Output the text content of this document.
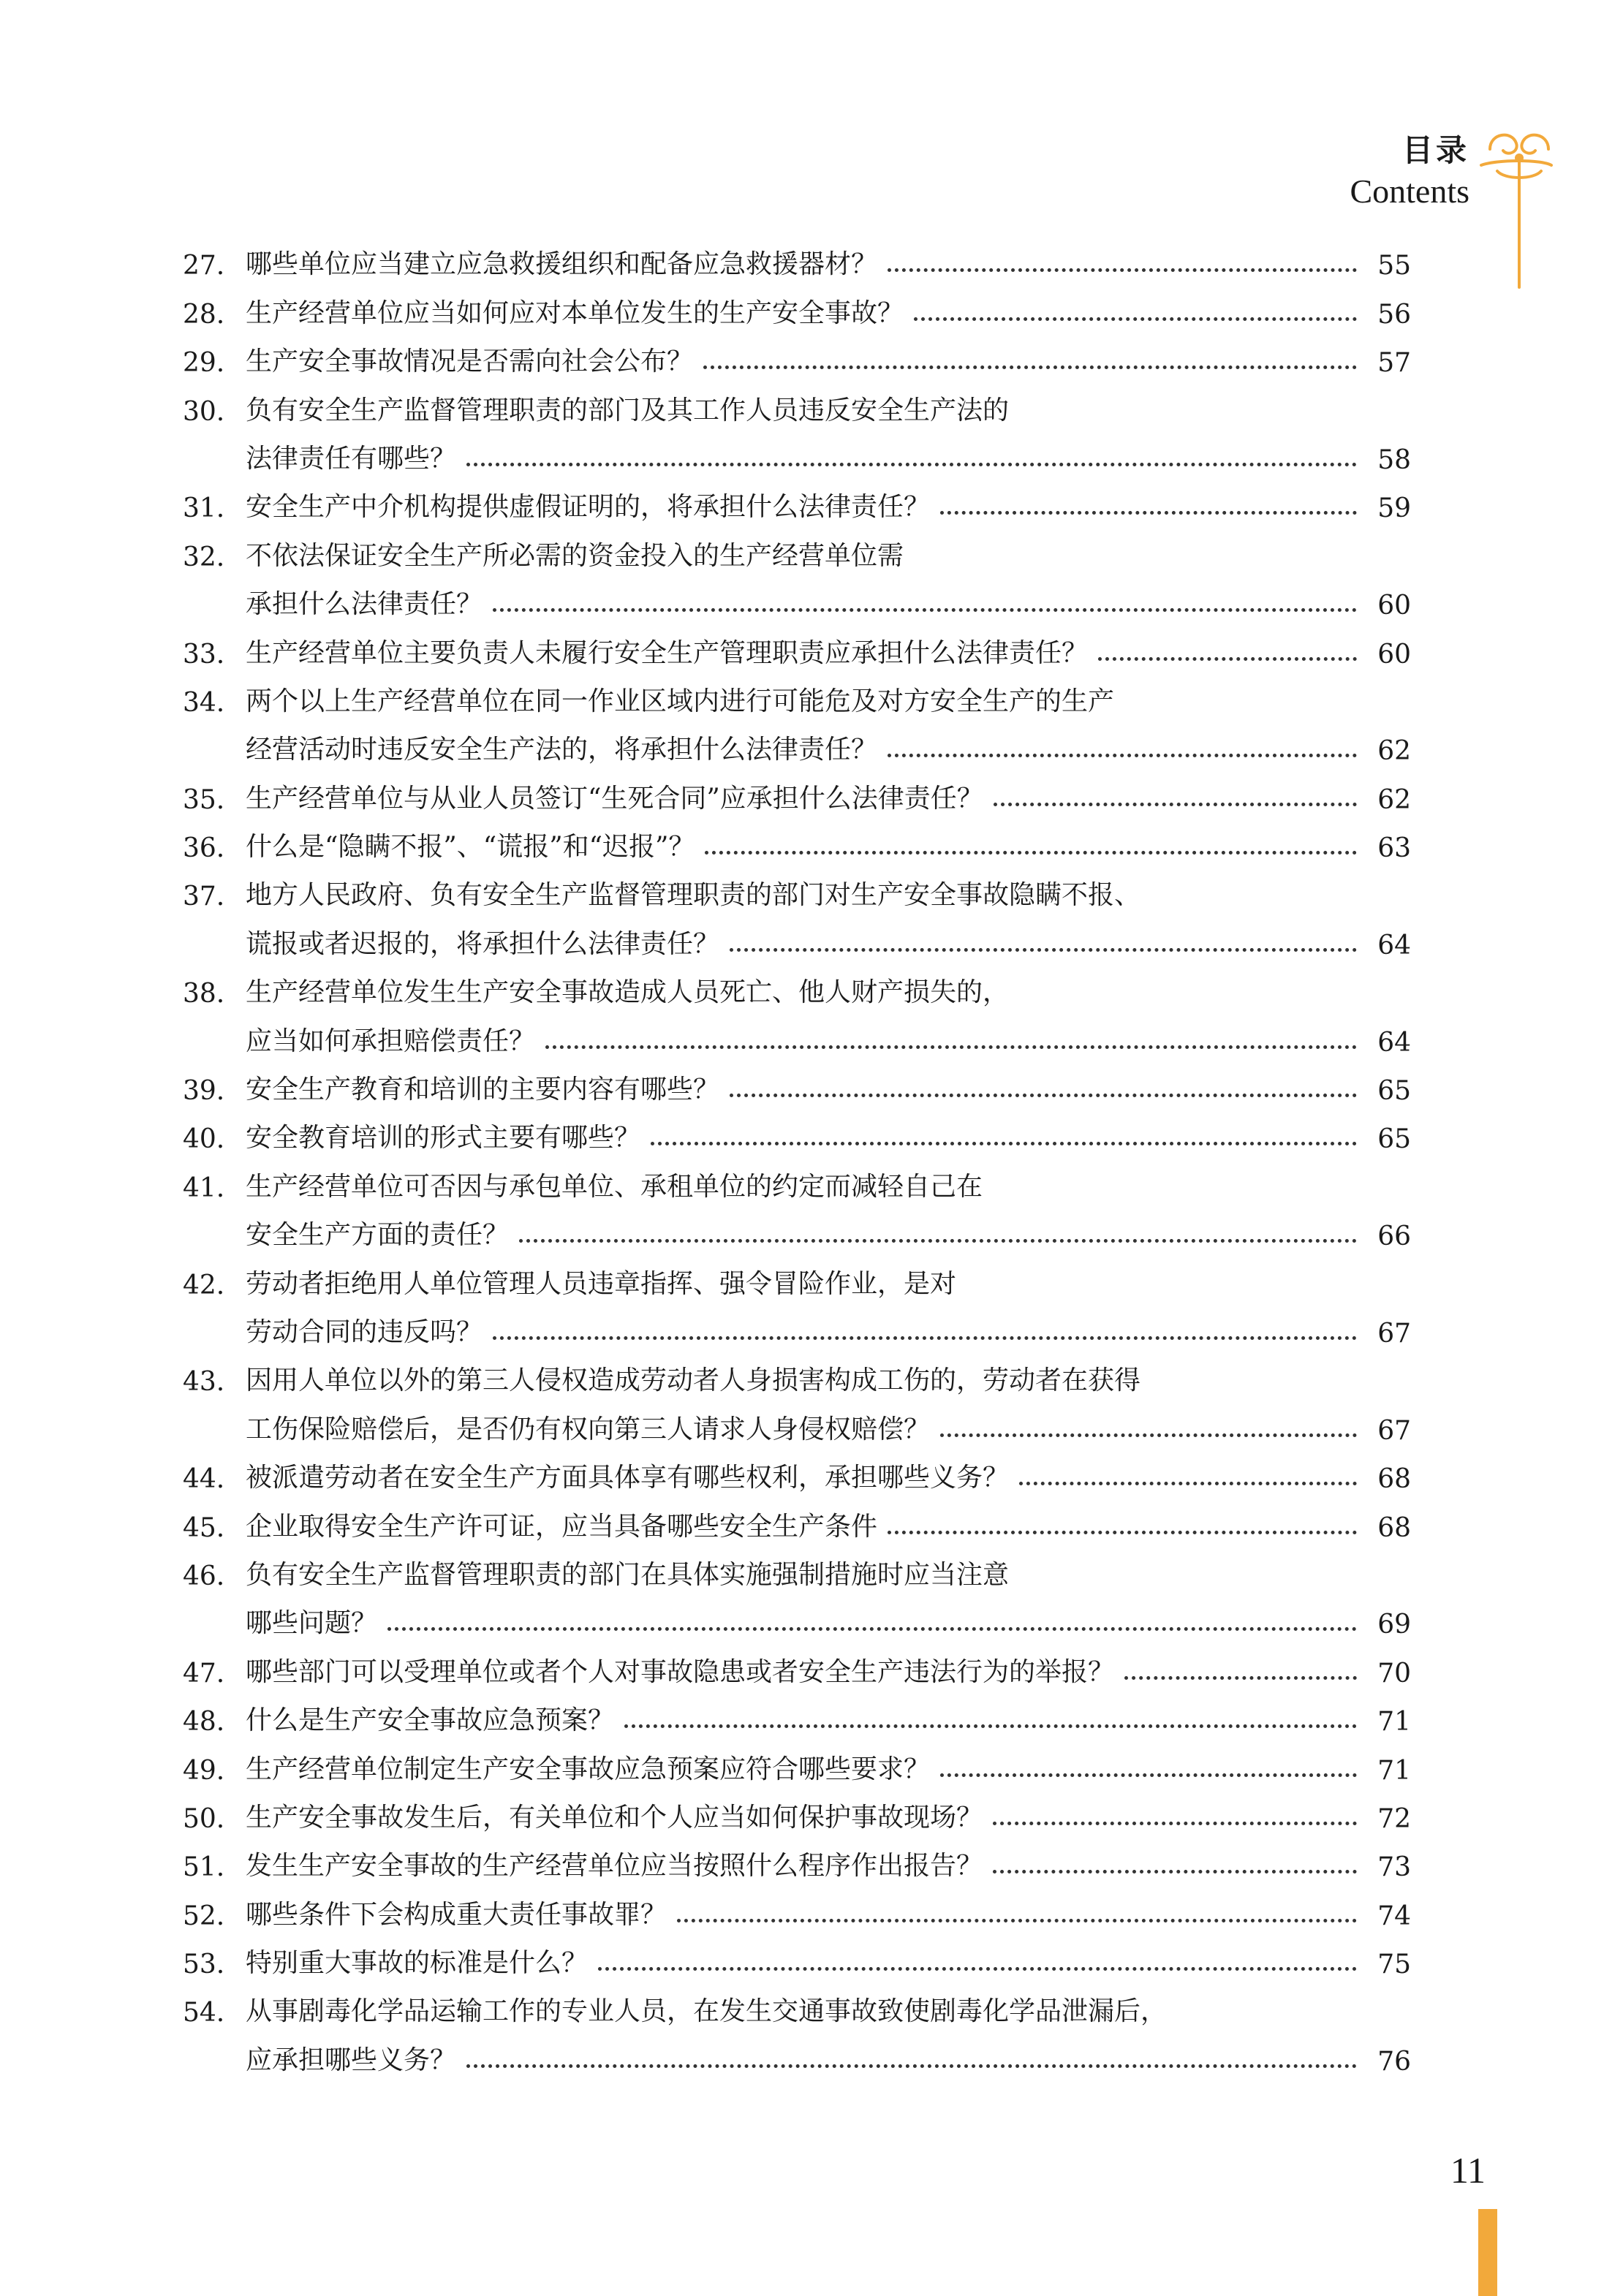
目录
Contents
27. 哪些单位应当建立应急救援组织和配备应急救援器材？	55
28. 生产经营单位应当如何应对本单位发生的生产安全事故？	56
29. 生产安全事故情况是否需向社会公布？	57
30. 负有安全生产监督管理职责的部门及其工作人员违反安全生产法的
法律责任有哪些？	58
31. 安全生产中介机构提供虚假证明的，将承担什么法律责任？	59
32. 不依法保证安全生产所必需的资金投入的生产经营单位需
承担什么法律责任？	60
33. 生产经营单位主要负责人未履行安全生产管理职责应承担什么法律责任？	60
34. 两个以上生产经营单位在同一作业区域内进行可能危及对方安全生产的生产
经营活动时违反安全生产法的，将承担什么法律责任？	62
35. 生产经营单位与从业人员签订“生死合同”应承担什么法律责任？	62
36. 什么是“隐瞒不报”、“谎报”和“迟报”？	63
37. 地方人民政府、负有安全生产监督管理职责的部门对生产安全事故隐瞒不报、
谎报或者迟报的，将承担什么法律责任？	64
38. 生产经营单位发生生产安全事故造成人员死亡、他人财产损失的，
应当如何承担赔偿责任？	64
39. 安全生产教育和培训的主要内容有哪些？	65
40. 安全教育培训的形式主要有哪些？	65
41. 生产经营单位可否因与承包单位、承租单位的约定而减轻自己在
安全生产方面的责任？	66
42. 劳动者拒绝用人单位管理人员违章指挥、强令冒险作业，是对
劳动合同的违反吗？	67
43. 因用人单位以外的第三人侵权造成劳动者人身损害构成工伤的，劳动者在获得
工伤保险赔偿后，是否仍有权向第三人请求人身侵权赔偿？	67
44. 被派遣劳动者在安全生产方面具体享有哪些权利，承担哪些义务？	68
45. 企业取得安全生产许可证，应当具备哪些安全生产条件	68
46. 负有安全生产监督管理职责的部门在具体实施强制措施时应当注意
哪些问题？	69
47. 哪些部门可以受理单位或者个人对事故隐患或者安全生产违法行为的举报？	70
48. 什么是生产安全事故应急预案？	71
49. 生产经营单位制定生产安全事故应急预案应符合哪些要求？	71
50. 生产安全事故发生后，有关单位和个人应当如何保护事故现场？	72
51. 发生生产安全事故的生产经营单位应当按照什么程序作出报告？	73
52. 哪些条件下会构成重大责任事故罪？	74
53. 特别重大事故的标准是什么？	75
54. 从事剧毒化学品运输工作的专业人员，在发生交通事故致使剧毒化学品泄漏后，
应承担哪些义务？	76
11
